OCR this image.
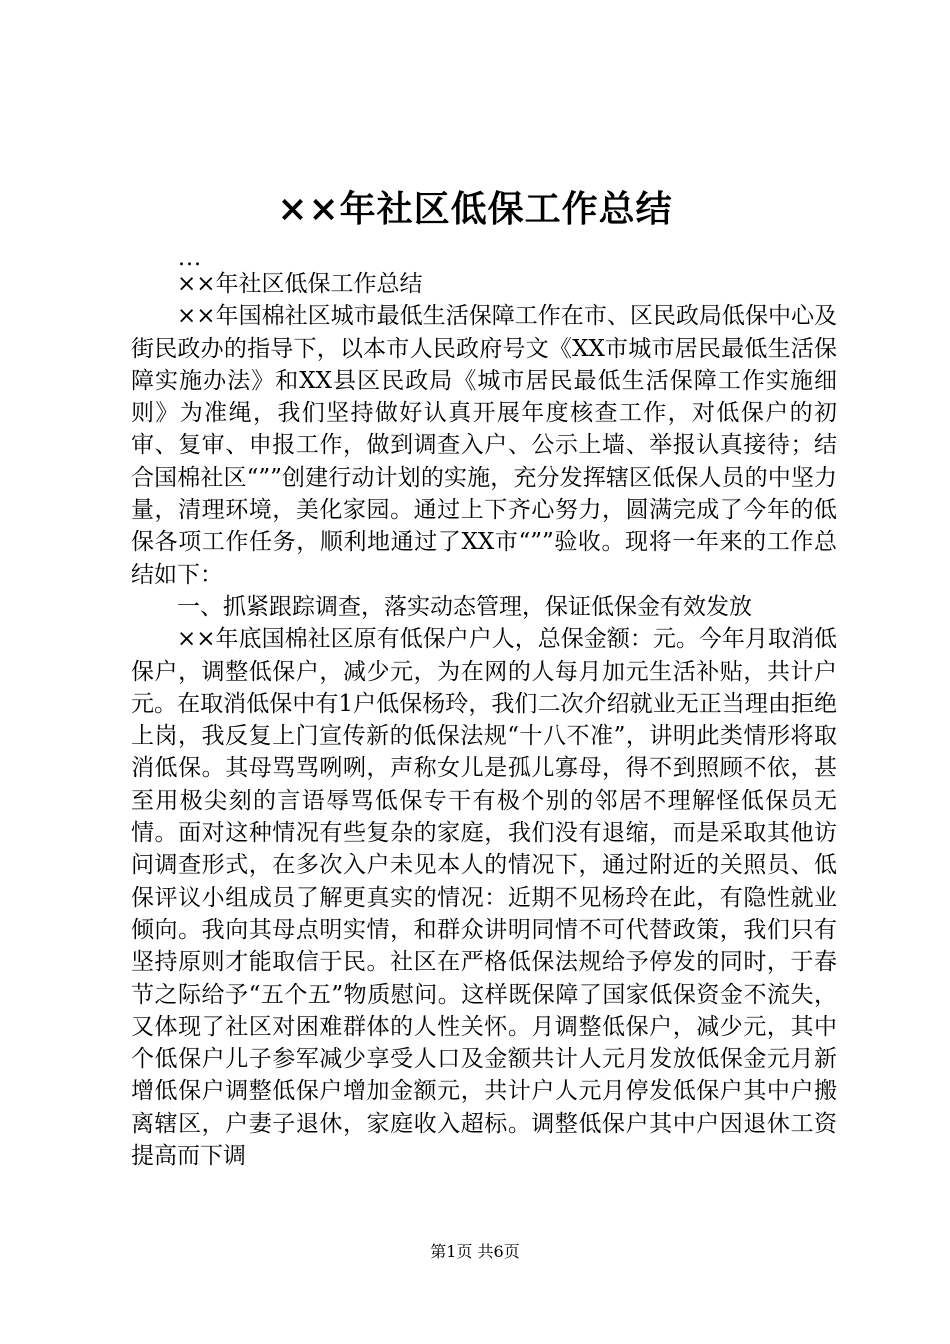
××年社区低保工作总结
...

××年社区低保工作总结

××年国棉社区城市最低生活保障工作在市、区民政局低保中心及街民政办的指导下，以本市人民政府号文《XX市城市居民最低生活保障实施办法》和XX县区民政局《城市居民最低生活保障工作实施细则》为准绳，我们坚持做好认真开展年度核查工作，对低保户的初审、复审、申报工作，做到调查入户、公示上墙、举报认真接待；结合国棉社区“””创建行动计划的实施，充分发挥辖区低保人员的中坚力量，清理环境，美化家园。通过上下齐心努力，圆满完成了今年的低保各项工作任务，顺利地通过了XX市“””验收。现将一年来的工作总结如下：

一、抓紧跟踪调查，落实动态管理，保证低保金有效发放

××年底国棉社区原有低保户户人，总保金额：元。今年月取消低保户，调整低保户，减少元，为在网的人每月加元生活补贴，共计户元。在取消低保中有1户低保杨玲，我们二次介绍就业无正当理由拒绝上岗，我反复上门宣传新的低保法规“十八不准”，讲明此类情形将取消低保。其母骂骂咧咧，声称女儿是孤儿寡母，得不到照顾不依，甚至用极尖刻的言语辱骂低保专干有极个别的邻居不理解怪低保员无情。面对这种情况有些复杂的家庭，我们没有退缩，而是采取其他访问调查形式，在多次入户未见本人的情况下，通过附近的关照员、低保评议小组成员了解更真实的情况：近期不见杨玲在此，有隐性就业倾向。我向其母点明实情，和群众讲明同情不可代替政策，我们只有坚持原则才能取信于民。社区在严格低保法规给予停发的同时，于春节之际给予“五个五”物质慰问。这样既保障了国家低保资金不流失，又体现了社区对困难群体的人性关怀。月调整低保户，减少元，其中个低保户儿子参军减少享受人口及金额共计人元月发放低保金元月新增低保户调整低保户增加金额元，共计户人元月停发低保户其中户搬离辖区，户妻子退休，家庭收入超标。调整低保户其中户因退休工资提高而下调

第1页 共6页
